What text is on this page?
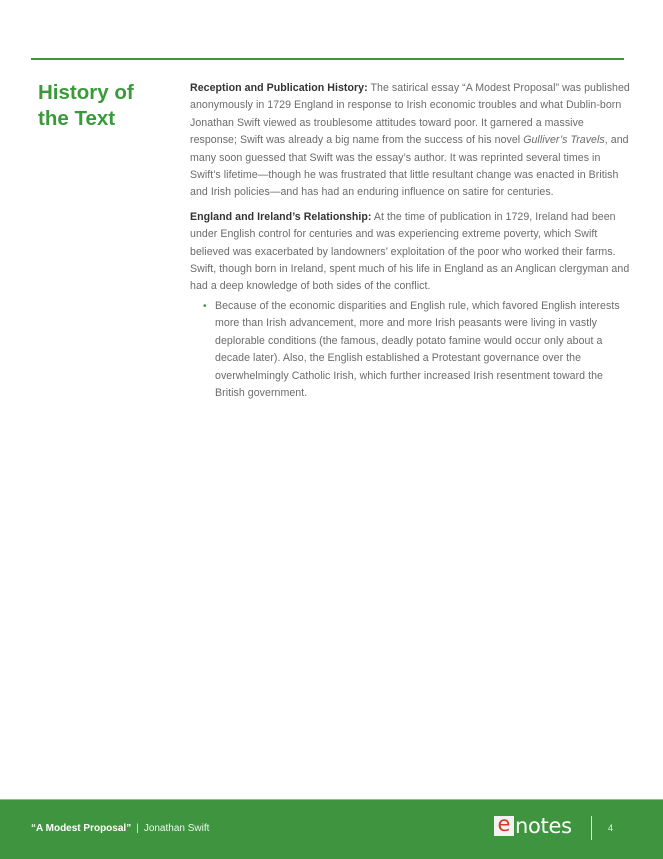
History of
the Text

Reception and Publication History: The satirical essay “A Modest Proposal” was published anonymously in 1729 England in response to Irish economic troubles and what Dublin-born Jonathan Swift viewed as troublesome attitudes toward poor. It garnered a massive response; Swift was already a big name from the success of his novel Gulliver’s Travels, and many soon guessed that Swift was the essay’s author. It was reprinted several times in Swift’s lifetime—though he was frustrated that little resultant change was enacted in British and Irish policies—and has had an enduring influence on satire for centuries.

England and Ireland’s Relationship: At the time of publication in 1729, Ireland had been under English control for centuries and was experiencing extreme poverty, which Swift believed was exacerbated by landowners’ exploitation of the poor who worked their farms. Swift, though born in Ireland, spent much of his life in England as an Anglican clergyman and had a deep knowledge of both sides of the conflict.

• Because of the economic disparities and English rule, which favored English interests more than Irish advancement, more and more Irish peasants were living in vastly deplorable conditions (the famous, deadly potato famine would occur only about a decade later). Also, the English established a Protestant governance over the overwhelmingly Catholic Irish, which further increased Irish resentment toward the British government.
“A Modest Proposal” | Jonathan Swift	e notes	4
